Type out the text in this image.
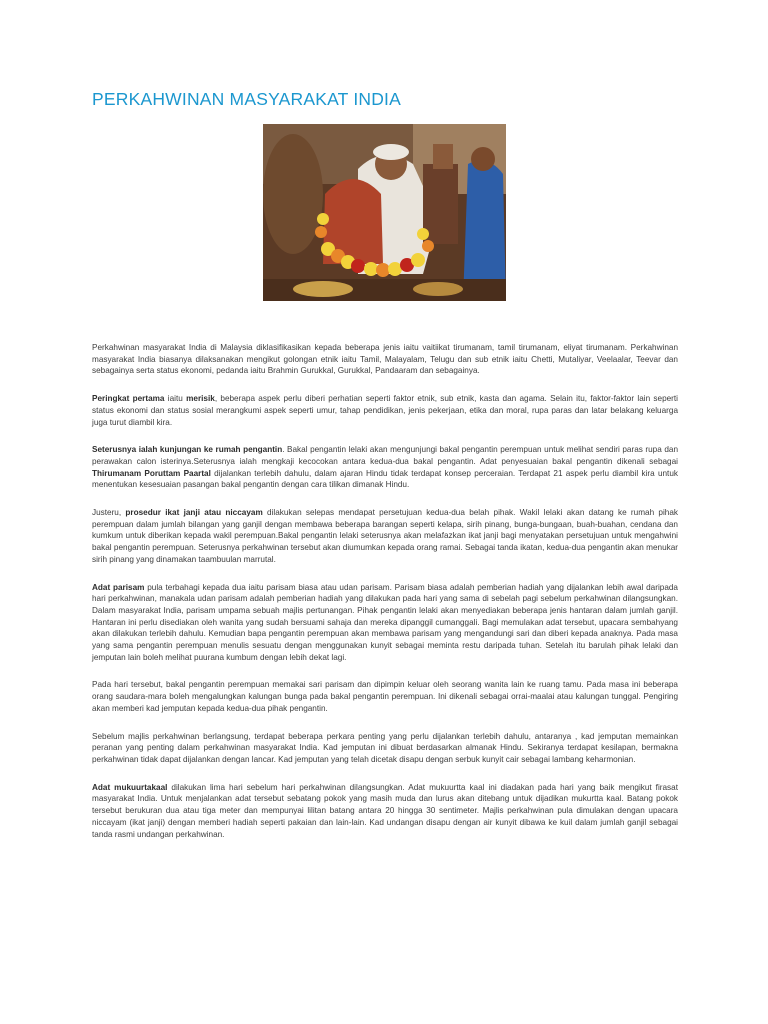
PERKAHWINAN MASYARAKAT INDIA

Perkahwinan masyarakat India di Malaysia diklasifikasikan kepada beberapa jenis iaitu vaitiikat tirumanam, tamil tirumanam, eliyat tirumanam. Perkahwinan masyarakat India biasanya dilaksanakan mengikut golongan etnik iaitu Tamil, Malayalam, Telugu dan sub etnik iaitu Chetti, Mutaliyar, Veelaalar, Teevar dan sebagainya serta status ekonomi, pedanda iaitu Brahmin Gurukkal, Gurukkal, Pandaaram dan sebagainya.

Peringkat pertama iaitu merisik, beberapa aspek perlu diberi perhatian seperti faktor etnik, sub etnik, kasta dan agama. Selain itu, faktor-faktor lain seperti status ekonomi dan status sosial merangkumi aspek seperti umur, tahap pendidikan, jenis pekerjaan, etika dan moral, rupa paras dan latar belakang keluarga juga turut diambil kira.

Seterusnya ialah kunjungan ke rumah pengantin. Bakal pengantin lelaki akan mengunjungi bakal pengantin perempuan untuk melihat sendiri paras rupa dan perawakan calon isterinya.Seterusnya ialah mengkaji kecocokan antara kedua-dua bakal pengantin. Adat penyesuaian bakal pengantin dikenali sebagai Thirumanam Poruttam Paartal dijalankan terlebih dahulu, dalam ajaran Hindu tidak terdapat konsep perceraian. Terdapat 21 aspek perlu diambil kira untuk menentukan kesesuaian pasangan bakal pengantin dengan cara tilikan dimanak Hindu.

Justeru, prosedur ikat janji atau niccayam dilakukan selepas mendapat persetujuan kedua-dua belah pihak. Wakil lelaki akan datang ke rumah pihak perempuan dalam jumlah bilangan yang ganjil dengan membawa beberapa barangan seperti kelapa, sirih pinang, bunga-bungaan, buah-buahan, cendana dan kumkum untuk diberikan kepada wakil perempuan.Bakal pengantin lelaki seterusnya akan melafazkan ikat janji bagi menyatakan persetujuan untuk mengahwini bakal pengantin perempuan. Seterusnya perkahwinan tersebut akan diumumkan kepada orang ramai. Sebagai tanda ikatan, kedua-dua pengantin akan menukar sirih pinang yang dinamakan taambuulan marrutal.

Adat parisam pula terbahagi kepada dua iaitu parisam biasa atau udan parisam. Parisam biasa adalah pemberian hadiah yang dijalankan lebih awal daripada hari perkahwinan, manakala udan parisam adalah pemberian hadiah yang dilakukan pada hari yang sama di sebelah pagi sebelum perkahwinan dilangsungkan. Dalam masyarakat India, parisam umpama sebuah majlis pertunangan. Pihak pengantin lelaki akan menyediakan beberapa jenis hantaran dalam jumlah ganjil. Hantaran ini perlu disediakan oleh wanita yang sudah bersuami sahaja dan mereka dipanggil cumanggali. Bagi memulakan adat tersebut, upacara sembahyang akan dilakukan terlebih dahulu. Kemudian bapa pengantin perempuan akan membawa parisam yang mengandungi sari dan diberi kepada anaknya. Pada masa yang sama pengantin perempuan menulis sesuatu dengan menggunakan kunyit sebagai meminta restu daripada tuhan. Setelah itu barulah pihak lelaki dan jemputan lain boleh melihat puurana kumbum dengan lebih dekat lagi.

Pada hari tersebut, bakal pengantin perempuan memakai sari parisam dan dipimpin keluar oleh seorang wanita lain ke ruang tamu. Pada masa ini beberapa orang saudara-mara boleh mengalungkan kalungan bunga pada bakal pengantin perempuan. Ini dikenali sebagai orrai-maalai atau kalungan tunggal. Pengiring akan memberi kad jemputan kepada kedua-dua pihak pengantin.

Sebelum majlis perkahwinan berlangsung, terdapat beberapa perkara penting yang perlu dijalankan terlebih dahulu, antaranya , kad jemputan memainkan peranan yang penting dalam perkahwinan masyarakat India. Kad jemputan ini dibuat berdasarkan almanak Hindu. Sekiranya terdapat kesilapan, bermakna perkahwinan tidak dapat dijalankan dengan lancar. Kad jemputan yang telah dicetak disapu dengan serbuk kunyit cair sebagai lambang keharmonian.

Adat mukuurtakaal dilakukan lima hari sebelum hari perkahwinan dilangsungkan. Adat mukuurtta kaal ini diadakan pada hari yang baik mengikut firasat masyarakat India. Untuk menjalankan adat tersebut sebatang pokok yang masih muda dan lurus akan ditebang untuk dijadikan mukurtta kaal. Batang pokok tersebut berukuran dua atau tiga meter dan mempunyai lilitan batang antara 20 hingga 30 sentimeter. Majlis perkahwinan pula dimulakan dengan upacara niccayam (ikat janji) dengan memberi hadiah seperti pakaian dan lain-lain. Kad undangan disapu dengan air kunyit dibawa ke kuil dalam jumlah ganjil sebagai tanda rasmi undangan perkahwinan.
